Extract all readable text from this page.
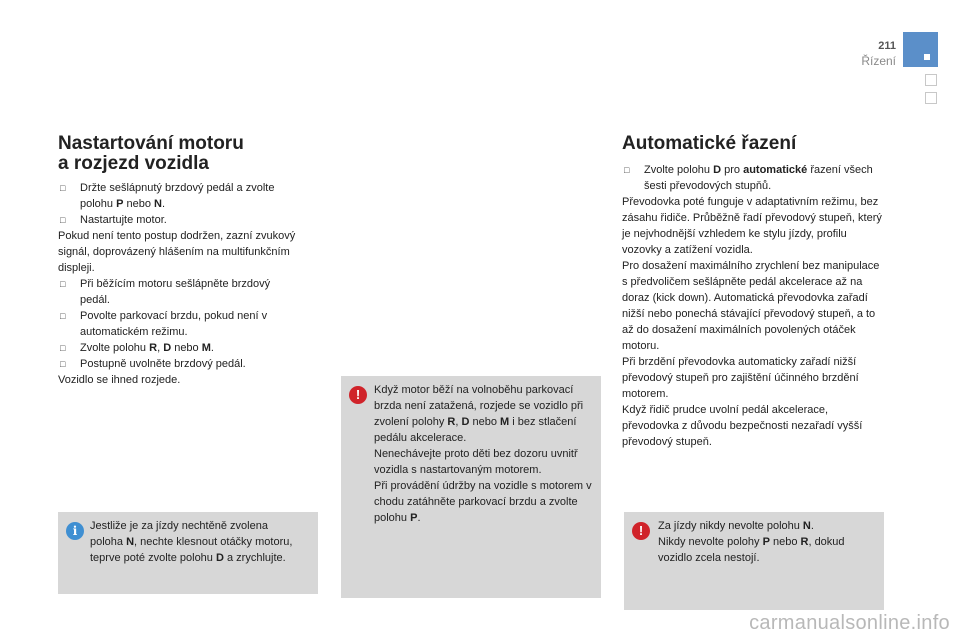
211
Řízení
Nastartování motoru
a rozjezd vozidla

□ Držte sešlápnutý brzdový pedál a zvolte polohu P nebo N.

□ Nastartujte motor.

Pokud není tento postup dodržen, zazní zvukový signál, doprovázený hlášením na multifunkčním displeji.

□ Při běžícím motoru sešlápněte brzdový pedál.

□ Povolte parkovací brzdu, pokud není v automatickém režimu.

□ Zvolte polohu R, D nebo M.

□ Postupně uvolněte brzdový pedál.

Vozidlo se ihned rozjede.

i	Jestliže je za jízdy nechtěně zvolena poloha N, nechte klesnout otáčky motoru, teprve poté zvolte polohu D a zrychlujte.
!	Když motor běží na volnoběhu parkovací brzda není zatažená, rozjede se vozidlo při zvolení polohy R, D nebo M i bez stlačení pedálu akcelerace.
Nenechávejte proto děti bez dozoru uvnitř vozidla s nastartovaným motorem.
Při provádění údržby na vozidle s motorem v chodu zatáhněte parkovací brzdu a zvolte polohu P.
Automatické řazení

□ Zvolte polohu D pro automatické řazení všech šesti převodových stupňů.

Převodovka poté funguje v adaptativním režimu, bez zásahu řidiče. Průběžně řadí převodový stupeň, který je nejvhodnější vzhledem ke stylu jízdy, profilu vozovky a zatížení vozidla.

Pro dosažení maximálního zrychlení bez manipulace s předvoličem sešlápněte pedál akcelerace až na doraz (kick down). Automatická převodovka zařadí nižší nebo ponechá stávající převodový stupeň, a to až do dosažení maximálních povolených otáček motoru.

Při brzdění převodovka automaticky zařadí nižší převodový stupeň pro zajištění účinného brzdění motorem.

Když řidič prudce uvolní pedál akcelerace, převodovka z důvodu bezpečnosti nezařadí vyšší převodový stupeň.

!	Za jízdy nikdy nevolte polohu N.
Nikdy nevolte polohy P nebo R, dokud vozidlo zcela nestojí.
carmanualsonline.info
